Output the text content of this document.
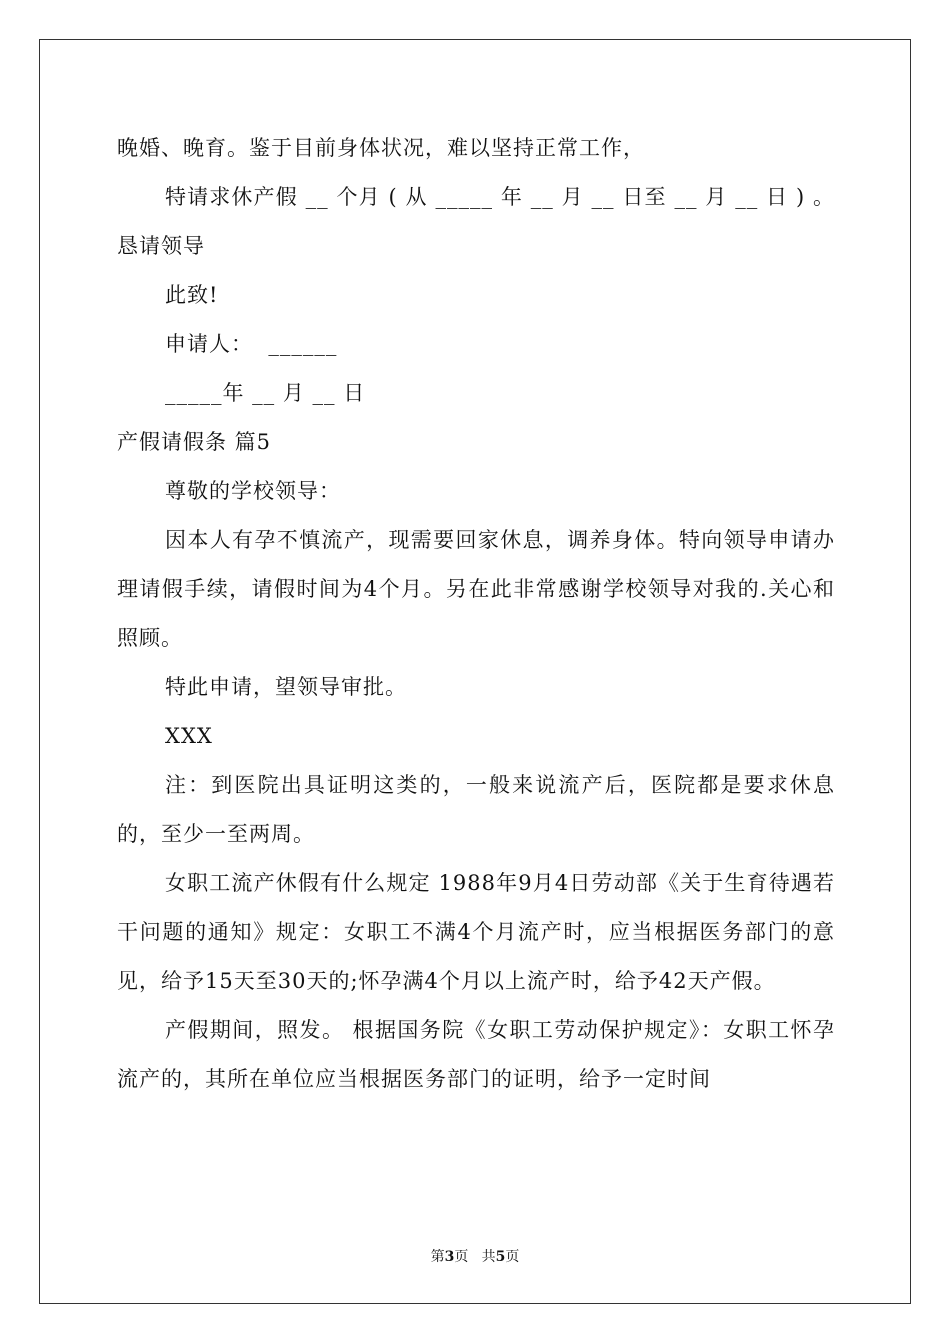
晚婚、晚育。鉴于目前身体状况，难以坚持正常工作，

特请求休产假 __ 个月 ( 从 _____ 年 __ 月 __ 日至 __ 月 __ 日 ) 。恳请领导

此致!

申请人：  ______

_____年 __ 月 __ 日

产假请假条 篇5

尊敬的学校领导：

因本人有孕不慎流产，现需要回家休息，调养身体。特向领导申请办理请假手续，请假时间为4个月。另在此非常感谢学校领导对我的.关心和照顾。

特此申请，望领导审批。

XXX

注：到医院出具证明这类的，一般来说流产后，医院都是要求休息的，至少一至两周。

女职工流产休假有什么规定 1988年9月4日劳动部《关于生育待遇若干问题的通知》规定：女职工不满4个月流产时，应当根据医务部门的意见，给予15天至30天的;怀孕满4个月以上流产时，给予42天产假。

产假期间，照发。 根据国务院《女职工劳动保护规定》：女职工怀孕流产的，其所在单位应当根据医务部门的证明，给予一定时间

第3页 共5页
